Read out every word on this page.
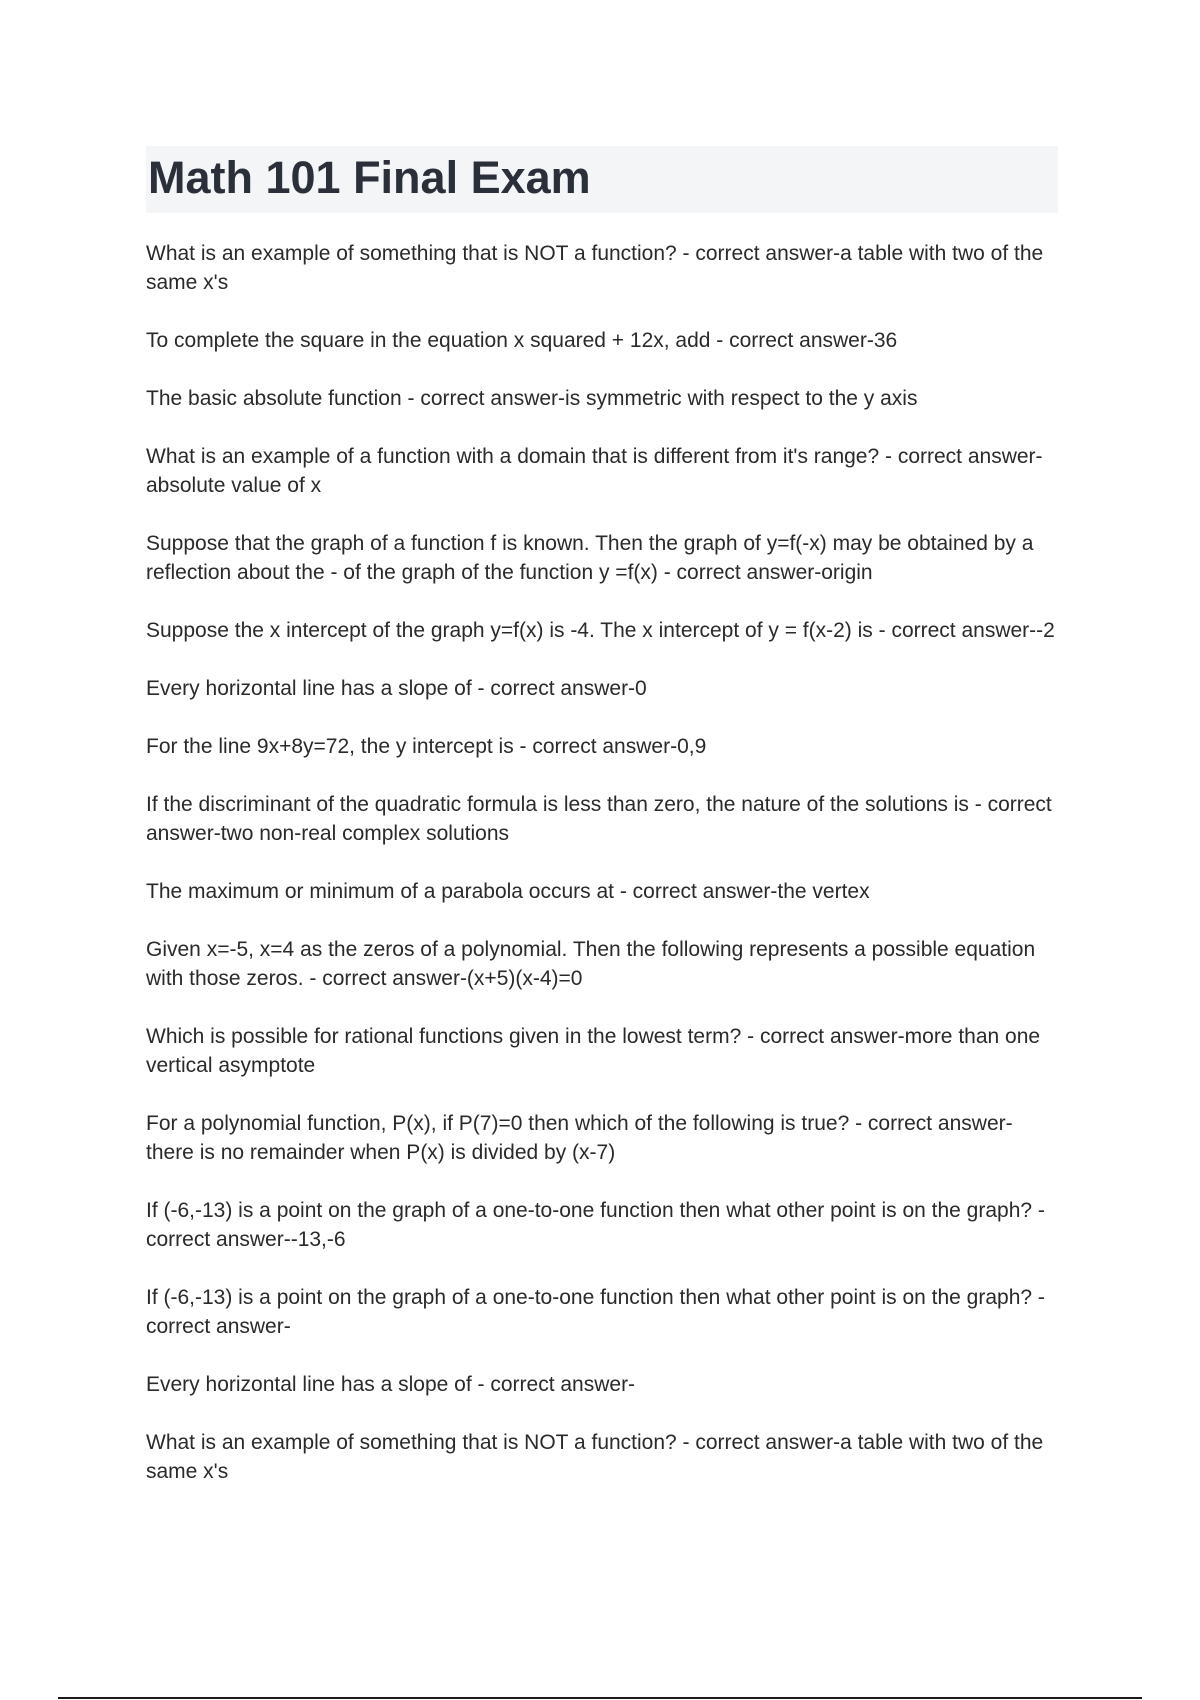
Math 101 Final Exam

What is an example of something that is NOT a function? - correct answer-a table with two of the same x's

To complete the square in the equation x squared + 12x, add - correct answer-36

The basic absolute function - correct answer-is symmetric with respect to the y axis

What is an example of a function with a domain that is different from it's range? - correct answer-absolute value of x

Suppose that the graph of a function f is known. Then the graph of y=f(-x) may be obtained by a reflection about the - of the graph of the function y =f(x) - correct answer-origin

Suppose the x intercept of the graph y=f(x) is -4. The x intercept of y = f(x-2) is - correct answer--2

Every horizontal line has a slope of - correct answer-0

For the line 9x+8y=72, the y intercept is - correct answer-0,9

If the discriminant of the quadratic formula is less than zero, the nature of the solutions is - correct answer-two non-real complex solutions

The maximum or minimum of a parabola occurs at - correct answer-the vertex

Given x=-5, x=4 as the zeros of a polynomial. Then the following represents a possible equation with those zeros. - correct answer-(x+5)(x-4)=0

Which is possible for rational functions given in the lowest term? - correct answer-more than one vertical asymptote

For a polynomial function, P(x), if P(7)=0 then which of the following is true? - correct answer-there is no remainder when P(x) is divided by (x-7)

If (-6,-13) is a point on the graph of a one-to-one function then what other point is on the graph? - correct answer--13,-6

If (-6,-13) is a point on the graph of a one-to-one function then what other point is on the graph? - correct answer-

Every horizontal line has a slope of - correct answer-

What is an example of something that is NOT a function? - correct answer-a table with two of the same x's
